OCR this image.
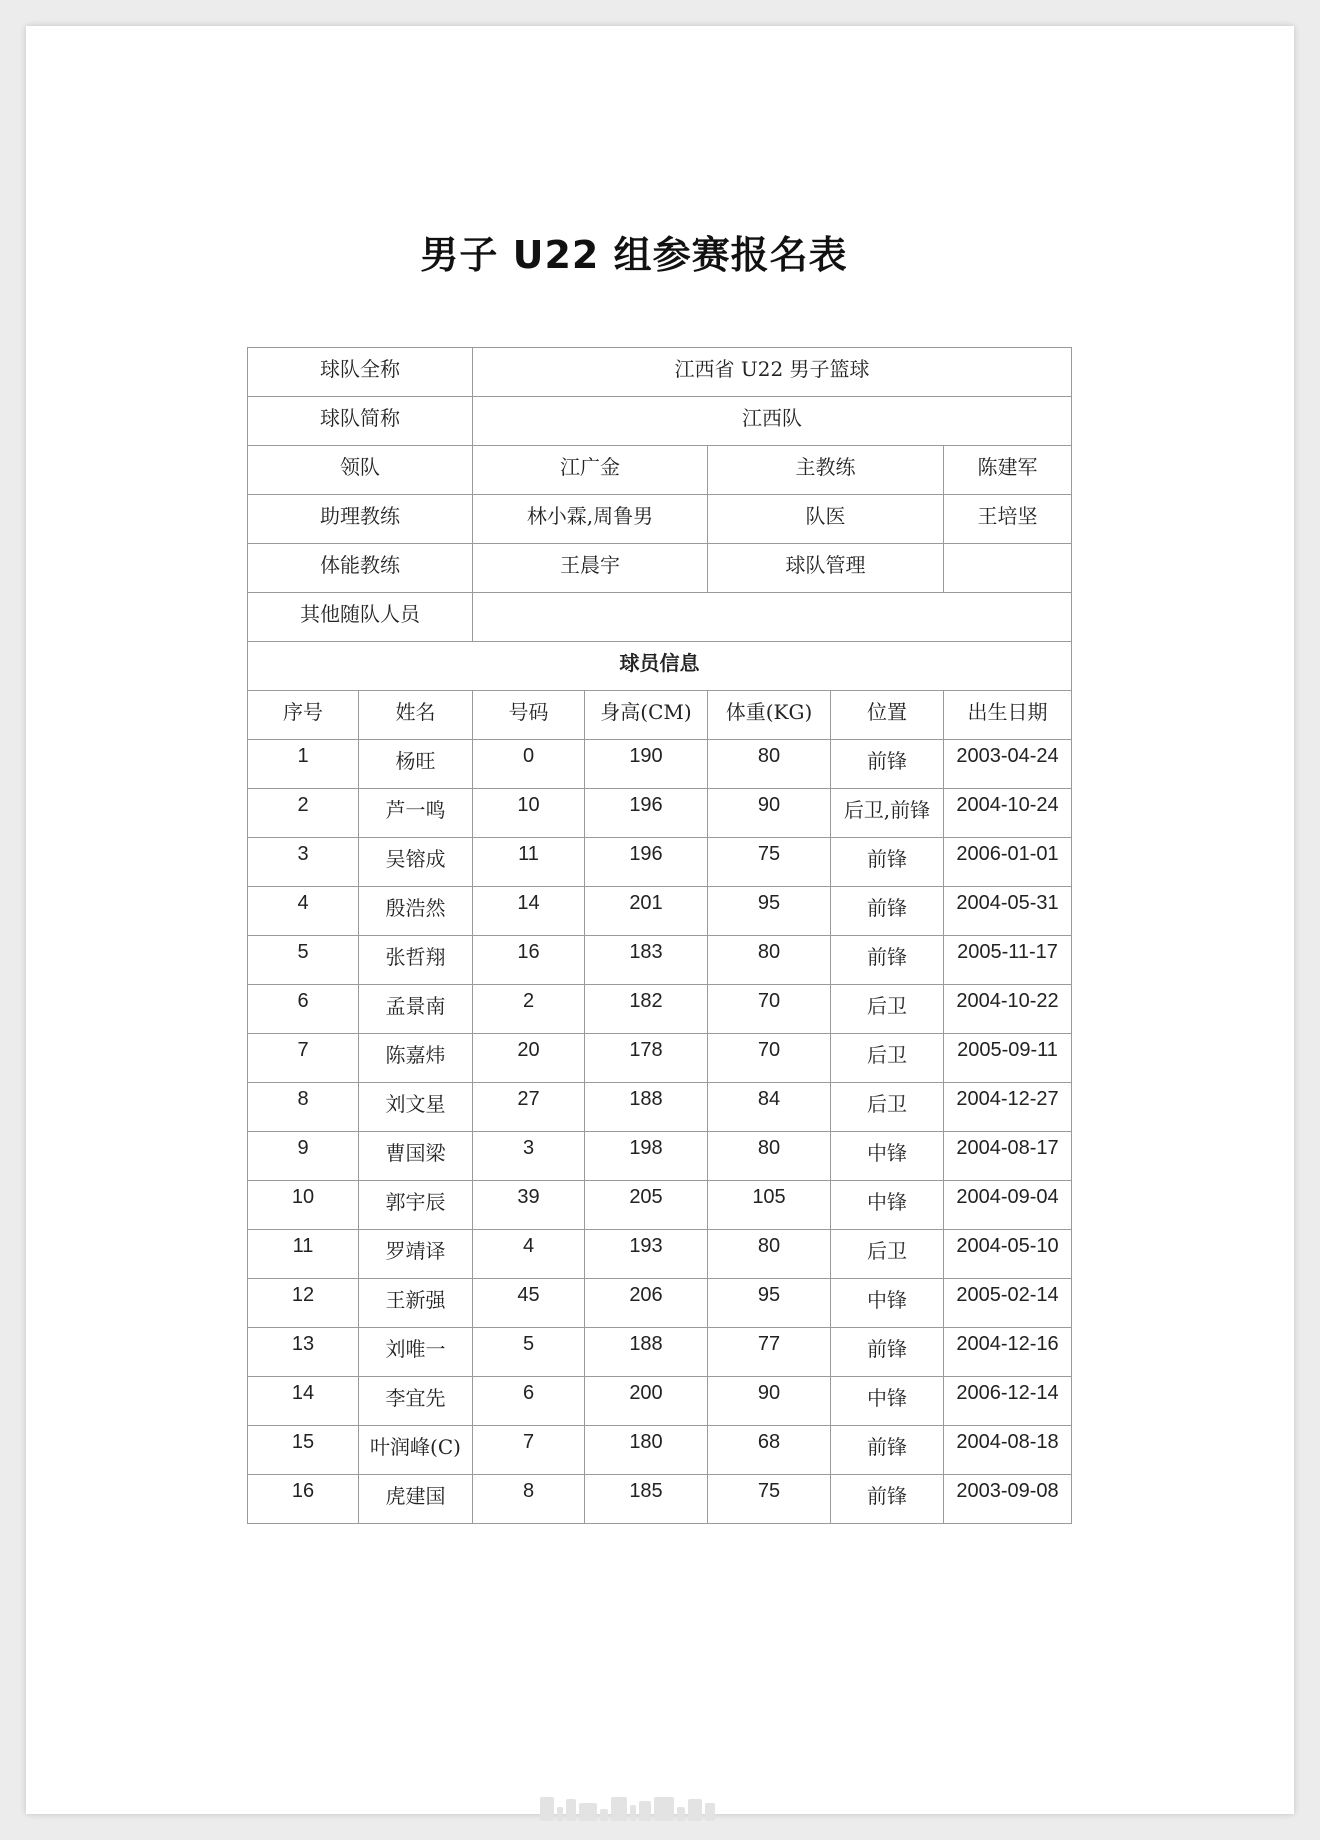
男子 U22 组参赛报名表
球队全称		江西省 U22 男子篮球				
球队简称		江西队				
领队		江广金		主教练		陈建军
助理教练		林小霖,周鲁男		队医		王培坚
体能教练		王晨宇		球队管理		
其他随队人员						
球员信息						
序号	姓名	号码	身高(CM)	体重(KG)	位置	出生日期
1	杨旺	0	190	80	前锋	2003-04-24
2	芦一鸣	10	196	90	后卫,前锋	2004-10-24
3	吴镕成	11	196	75	前锋	2006-01-01
4	殷浩然	14	201	95	前锋	2004-05-31
5	张哲翔	16	183	80	前锋	2005-11-17
6	孟景南	2	182	70	后卫	2004-10-22
7	陈嘉炜	20	178	70	后卫	2005-09-11
8	刘文星	27	188	84	后卫	2004-12-27
9	曹国梁	3	198	80	中锋	2004-08-17
10	郭宇辰	39	205	105	中锋	2004-09-04
11	罗靖译	4	193	80	后卫	2004-05-10
12	王新强	45	206	95	中锋	2005-02-14
13	刘唯一	5	188	77	前锋	2004-12-16
14	李宜先	6	200	90	中锋	2006-12-14
15	叶润峰(C)	7	180	68	前锋	2004-08-18
16	虎建国	8	185	75	前锋	2003-09-08
